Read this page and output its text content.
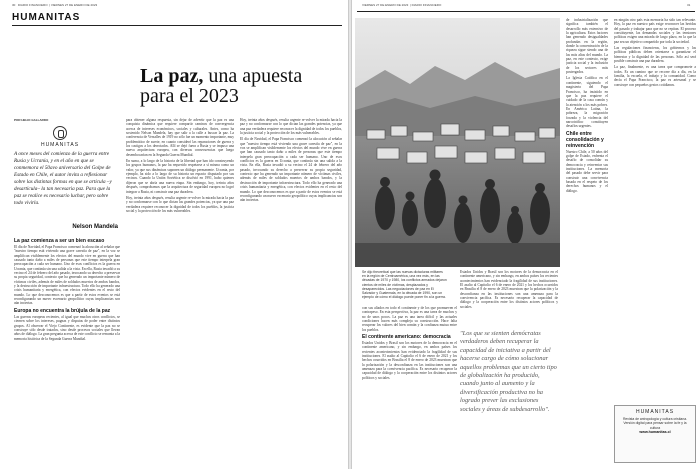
30 DIARIO FINANCIERO  | VIERNES 27 DE ENERO DE 2023
HUMANITAS
La paz, una apuesta para el 2023
POR HELIO GALLARDO
HUMANITAS
A once meses del comienzo de la guerra entre Rusia y Ucrania, y en el año en que se conmemora el 50avo aniversario del Golpe de Estado en Chile, el autor invita a reflexionar sobre las distintas formas en que se articula –y desarticula– la tan necesaria paz. Para que la paz se realice es necesario luchar, pero sobre todo vivirla.
Nelson Mandela
La paz comienza a ser un bien escaso

El día de Navidad, el Papa Francisco comenzó la alocución al señalar que "nuestro tiempo está viviendo una grave carestía de paz", en la voz se amplifican visiblemente los efectos del mundo vive en guerra que han causado tanto daño a miles de personas que este tiempo interpela gran preocupación a cada ser humano. Uno de esos conflictos es la guerra en Ucrania, que continúa sin una salida a la vista. En ella, Rusia invadió a su vecino el 24 de febrero del año pasado, invocando su derecho a preservar su propia seguridad, contexto que ha generado un importante número de víctimas civiles, además de miles de soldados muertos de ambos bandos, y la destrucción de importante infraestructura. Todo ello ha generado una crisis humanitaria y energética, con efectos evidentes en el resto del mundo. Lo que desconocemos es que a partir de estos eventos se está reconfigurando un nuevo escenario geopolítico cuyas implicancias son aún inciertas.

Europa no encuentra la brújula de la paz

Las guerras europeas recientes, al igual que muchos otros conflictos, se ciernen sobre los intereses, pugnas y disputas de poder entre distintos grupos. Al observar el Viejo Continente, es evidente que la paz no se construye sólo desde tratados, sino desde procesos sociales que llevan años de diálogo. La gran pregunta acerca de este conflicto se remonta a la memoria histórica de la Segunda Guerra Mundial.

para obtener alguna respuesta, sin dejar de advertir que la paz es una conquista dinámica que requiere compartir caminos de convergencia acerca de intereses económicos, sociales y culturales. Antes, como ha sostenido Nelson Mandela, hay que salir a la calle a buscar la paz. La conferencia de Versalles de 1919 no sólo fue un momento importante, muy problemático de suerte, en cuanto consideró las reparaciones de guerra y los castigos a los derrotados. Allí se dejó fuera a Rusia y se impuso una nueva arquitectura europea, con diversas consecuencias que luego desembocarían en la Segunda Guerra Mundial.

En suma, a lo largo de la historia de la libertad que han ido construyendo los grupos humanos, la paz ha requerido respetarse a sí misma como un valor, ya que sus dinámicas suponen un diálogo permanente. Ucrania, por ejemplo, ha sido a lo largo de su historia un espacio disputado por sus vecinos. Cuando la Unión Soviética se disolvió en 1991, hubo quienes dijeron que se abría una nueva etapa. Sin embargo, hoy, treinta años después, comprobamos que la arquitectura de seguridad europea no logró integrar a Rusia, ni construir una paz duradera.

Hoy, treinta años después, resulta urgente re-volver la mirada hacia la paz y no conformarse con lo que dictan las grandes potencias, ya que una paz verdadera requiere reconocer la dignidad de todos los pueblos, la justicia social y la protección de los más vulnerables.

Hoy, treinta años después, resulta urgente re-volver la mirada hacia la paz y no conformarse con lo que dictan las grandes potencias, ya que una paz verdadera requiere reconocer la dignidad de todos los pueblos, la justicia social y la protección de los más vulnerables.

El día de Navidad, el Papa Francisco comenzó la alocución al señalar que "nuestro tiempo está viviendo una grave carestía de paz", en la voz se amplifican visiblemente los efectos del mundo vive en guerra que han causado tanto daño a miles de personas que este tiempo interpela gran preocupación a cada ser humano. Uno de esos conflictos es la guerra en Ucrania, que continúa sin una salida a la vista. En ella, Rusia invadió a su vecino el 24 de febrero del año pasado, invocando su derecho a preservar su propia seguridad, contexto que ha generado un importante número de víctimas civiles, además de miles de soldados muertos de ambos bandos, y la destrucción de importante infraestructura. Todo ello ha generado una crisis humanitaria y energética, con efectos evidentes en el resto del mundo. Lo que desconocemos es que a partir de estos eventos se está reconfigurando un nuevo escenario geopolítico cuyas implicancias son aún inciertas.

VIERNES 27 DE ENERO DE 2023  | DIARIO FINANCIERO	31
Se dijo theoretical que las nuevas dictaduras militares en la región de Centroamérica, una vez más, en las décadas de 1970 y 1980, los conflictos armados dejaron cientos de miles de víctimas, desplazados y desaparecidos. Las negociaciones de paz en El Salvador y Guatemala, en la década de 1990, son un ejemplo de cómo el diálogo puede poner fin a la guerra.

con sus aliados en todo el continente y de los que promueven el contrapeso. En esta perspectiva, la paz es una tarea de muchos y no de unos pocos. La paz es una tarea difícil y las actuales condiciones hacen más compleja su construcción. Hace falta recuperar los valores del bien común y la confianza mutua entre los pueblos.

El continente americano: democracia

Estados Unidos y Brasil son los motores de la democracia en el continente americano, y sin embargo, en ambos países los recientes acontecimientos han evidenciado la fragilidad de sus instituciones. El asalto al Capitolio el 6 de enero de 2021 y los hechos ocurridos en Brasilia el 8 de enero de 2023 muestran que la polarización y la desconfianza en las instituciones son una amenaza para la convivencia pacífica. Es necesario recuperar la capacidad de diálogo y la cooperación entre los distintos actores políticos y sociales.

Estados Unidos y Brasil son los motores de la democracia en el continente americano, y sin embargo, en ambos países los recientes acontecimientos han evidenciado la fragilidad de sus instituciones. El asalto al Capitolio el 6 de enero de 2021 y los hechos ocurridos en Brasilia el 8 de enero de 2023 muestran que la polarización y la desconfianza en las instituciones son una amenaza para la convivencia pacífica. Es necesario recuperar la capacidad de diálogo y la cooperación entre los distintos actores políticos y sociales.

"Los que se sienten demócratas verdaderos deben recuperar la capacidad de iniciativa a partir del hacerse cargo de cómo solucionar aquellos problemas que un cierto tipo de globalización ha producido, cuando junto al aumento y la diversificación productiva no ha logrado prever las exclusiones sociales y áreas de subdesarrollo".

de industrialización que significa también el desarrollo más extensivo de la agricultura. Estos factores han generado desigualdades profundas en la región, donde la concentración de la riqueza sigue siendo una de las más altas del mundo. La paz, en este contexto, exige justicia social y la inclusión de los sectores más postergados.

La Iglesia Católica en el continente, siguiendo el magisterio del Papa Francisco, ha insistido en que la paz requiere el cuidado de la casa común y la atención a los más pobres. En América Latina, la pobreza, la migración forzada y la violencia del narcotráfico constituyen desafíos urgentes.

Chile entre consolidación y reinvención

Nuestro Chile, a 50 años del golpe de Estado, enfrenta el desafío de consolidar su democracia y reinventar sus instituciones. La memoria del pasado debe servir para construir una convivencia basada en el respeto de los derechos humanos y el diálogo.

en ningún otro país esta memoria ha sido tan relevante. Hoy, la paz en nuestro país exige reconocer las heridas del pasado y trabajar para que no se repitan. El proceso constituyente, las demandas sociales y las tensiones políticas exigen una mirada de largo plazo, en la que la paz sea un objetivo compartido por toda la sociedad.

Las regulaciones financieras, los gobiernos y las políticas públicas deben orientarse a garantizar el bienestar y la dignidad de las personas. Sólo así será posible construir una paz duradera.

La paz, finalmente, es una tarea que compromete a todos. Es un camino que se recorre día a día, en la familia, la escuela, el trabajo y la comunidad. Como decía el Papa Francisco, la paz es artesanal y se construye con pequeños gestos cotidianos.

HUMANITAS
Revista de antropología y cultura cristiana. Versión digital para pensar sobre la fe y la cultura
www.humanitas.cl
